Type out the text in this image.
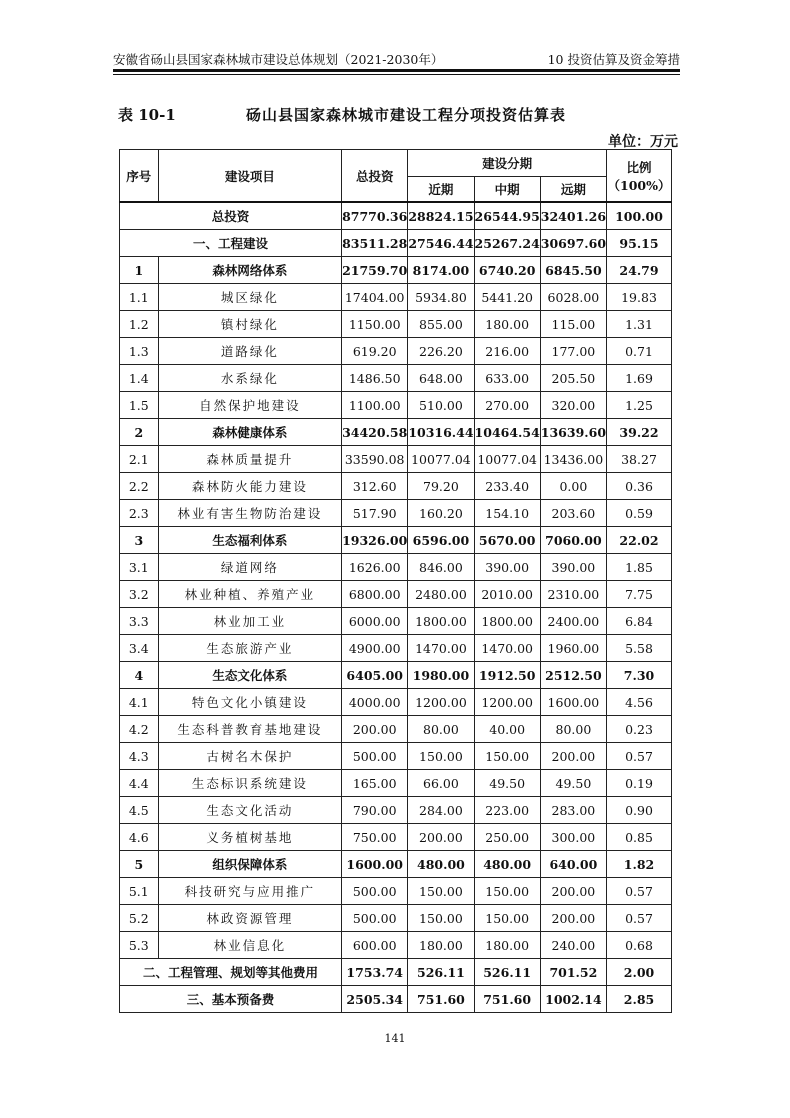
安徽省砀山县国家森林城市建设总体规划（2021-2030年）	10 投资估算及资金筹措
表 10-1	砀山县国家森林城市建设工程分项投资估算表
单位：万元
序号	建设项目	总投资	建设分期			比例
（100%）

			近期	中期	远期	
总投资		87770.36	28824.15	26544.95	32401.26	100.00
一、工程建设		83511.28	27546.44	25267.24	30697.60	95.15
1	森林网络体系	21759.70	8174.00	6740.20	6845.50	24.79
1.1	城区绿化	17404.00	5934.80	5441.20	6028.00	19.83
1.2	镇村绿化	1150.00	855.00	180.00	115.00	1.31
1.3	道路绿化	619.20	226.20	216.00	177.00	0.71
1.4	水系绿化	1486.50	648.00	633.00	205.50	1.69
1.5	自然保护地建设	1100.00	510.00	270.00	320.00	1.25
2	森林健康体系	34420.58	10316.44	10464.54	13639.60	39.22
2.1	森林质量提升	33590.08	10077.04	10077.04	13436.00	38.27
2.2	森林防火能力建设	312.60	79.20	233.40	0.00	0.36
2.3	林业有害生物防治建设	517.90	160.20	154.10	203.60	0.59
3	生态福利体系	19326.00	6596.00	5670.00	7060.00	22.02
3.1	绿道网络	1626.00	846.00	390.00	390.00	1.85
3.2	林业种植、养殖产业	6800.00	2480.00	2010.00	2310.00	7.75
3.3	林业加工业	6000.00	1800.00	1800.00	2400.00	6.84
3.4	生态旅游产业	4900.00	1470.00	1470.00	1960.00	5.58
4	生态文化体系	6405.00	1980.00	1912.50	2512.50	7.30
4.1	特色文化小镇建设	4000.00	1200.00	1200.00	1600.00	4.56
4.2	生态科普教育基地建设	200.00	80.00	40.00	80.00	0.23
4.3	古树名木保护	500.00	150.00	150.00	200.00	0.57
4.4	生态标识系统建设	165.00	66.00	49.50	49.50	0.19
4.5	生态文化活动	790.00	284.00	223.00	283.00	0.90
4.6	义务植树基地	750.00	200.00	250.00	300.00	0.85
5	组织保障体系	1600.00	480.00	480.00	640.00	1.82
5.1	科技研究与应用推广	500.00	150.00	150.00	200.00	0.57
5.2	林政资源管理	500.00	150.00	150.00	200.00	0.57
5.3	林业信息化	600.00	180.00	180.00	240.00	0.68
二、工程管理、规划等其他费用		1753.74	526.11	526.11	701.52	2.00
三、基本预备费		2505.34	751.60	751.60	1002.14	2.85
141
